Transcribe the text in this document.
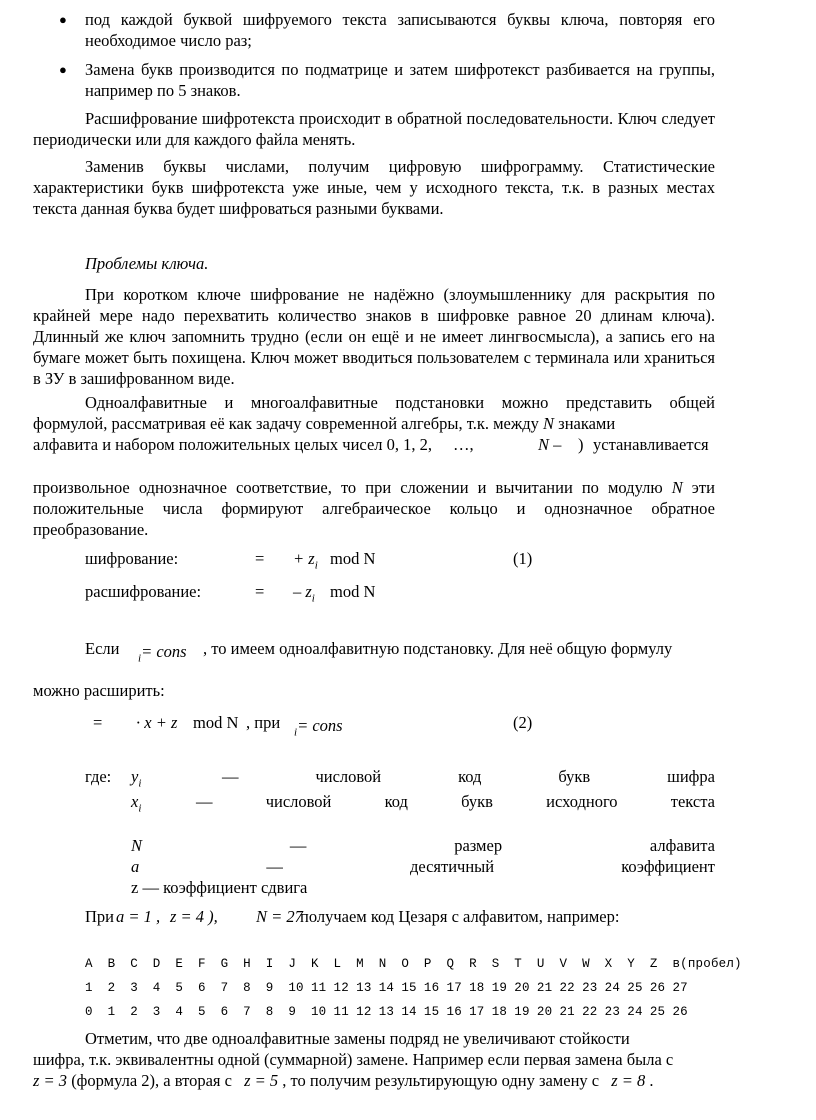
● под каждой буквой шифруемого текста записываются буквы ключа, повторяя его необходимое число раз;
● Замена букв производится по подматрице и затем шифротекст разбивается на группы, например по 5 знаков.
Расшифрование шифротекста происходит в обратной последовательности. Ключ следует периодически или для каждого файла менять.
Заменив буквы числами, получим цифровую шифрограмму. Статистические характеристики букв шифротекста уже иные, чем у исходного текста, т.к. в разных местах текста данная буква будет шифроваться разными буквами.
Проблемы ключа.
При коротком ключе шифрование не надёжно (злоумышленнику для раскрытия по крайней мере надо перехватить количество знаков в шифровке равное 20 длинам ключа). Длинный же ключ запомнить трудно (если он ещё и не имеет лингвосмысла), а запись его на бумаге может быть похищена. Ключ может вводиться пользователем с терминала или храниться в ЗУ в зашифрованном виде.
Одноалфавитные и многоалфавитные подстановки можно представить общей
формулой, рассматривая её как задачу современной алгебры, т.к. между N знаками
алфавита и набором положительных целых чисел 0, 1, 2, …,	N – ) устанавливается
произвольное однозначное соответствие, то при сложении и вычитании по модулю N эти
положительные числа формируют алгебраическое кольцо и однозначное обратное
преобразование.
шифрование:	= + $z_i$ mod N	(1)
расшифрование:	= – $z_i$ mod N
Если
$_i$= cons , то имеем одноалфавитную подстановку. Для неё общую формулу
можно расширить:
= · x + z mod N , при
$_i$= cons	(2)
где: $y_i$	—	числовой	код	букв	шифра
$x_i$	—	числовой	код	букв	исходного	текста
N	—	размер	алфавита
a	—	десятичный	коэффициент
z — коэффициент сдвига
При a = 1 , z = 4 ), N = 27
получаем код Цезаря с алфавитом, например:
A	B	C	D	E	F	G	H	I	J	K	L	M	N	O	P	Q	R	S	T	U	V	W	X	Y	Z	в(пробел)
1	2	3	4	5	6	7	8	9	10 11 12 13 14 15 16 17 18 19 20 21 22 23 24 25 26 27
0	1	2	3	4	5	6	7	8	9	10 11 12 13 14 15 16 17 18 19 20 21 22 23 24 25 26
Отметим, что две одноалфавитные замены подряд не увеличивают стойкости
шифра, т.к. эквивалентны одной (суммарной) замене. Например если первая замена была с
z = 3 (формула 2), а вторая с z = 5 , то получим результирующую одну замену с z = 8 .
